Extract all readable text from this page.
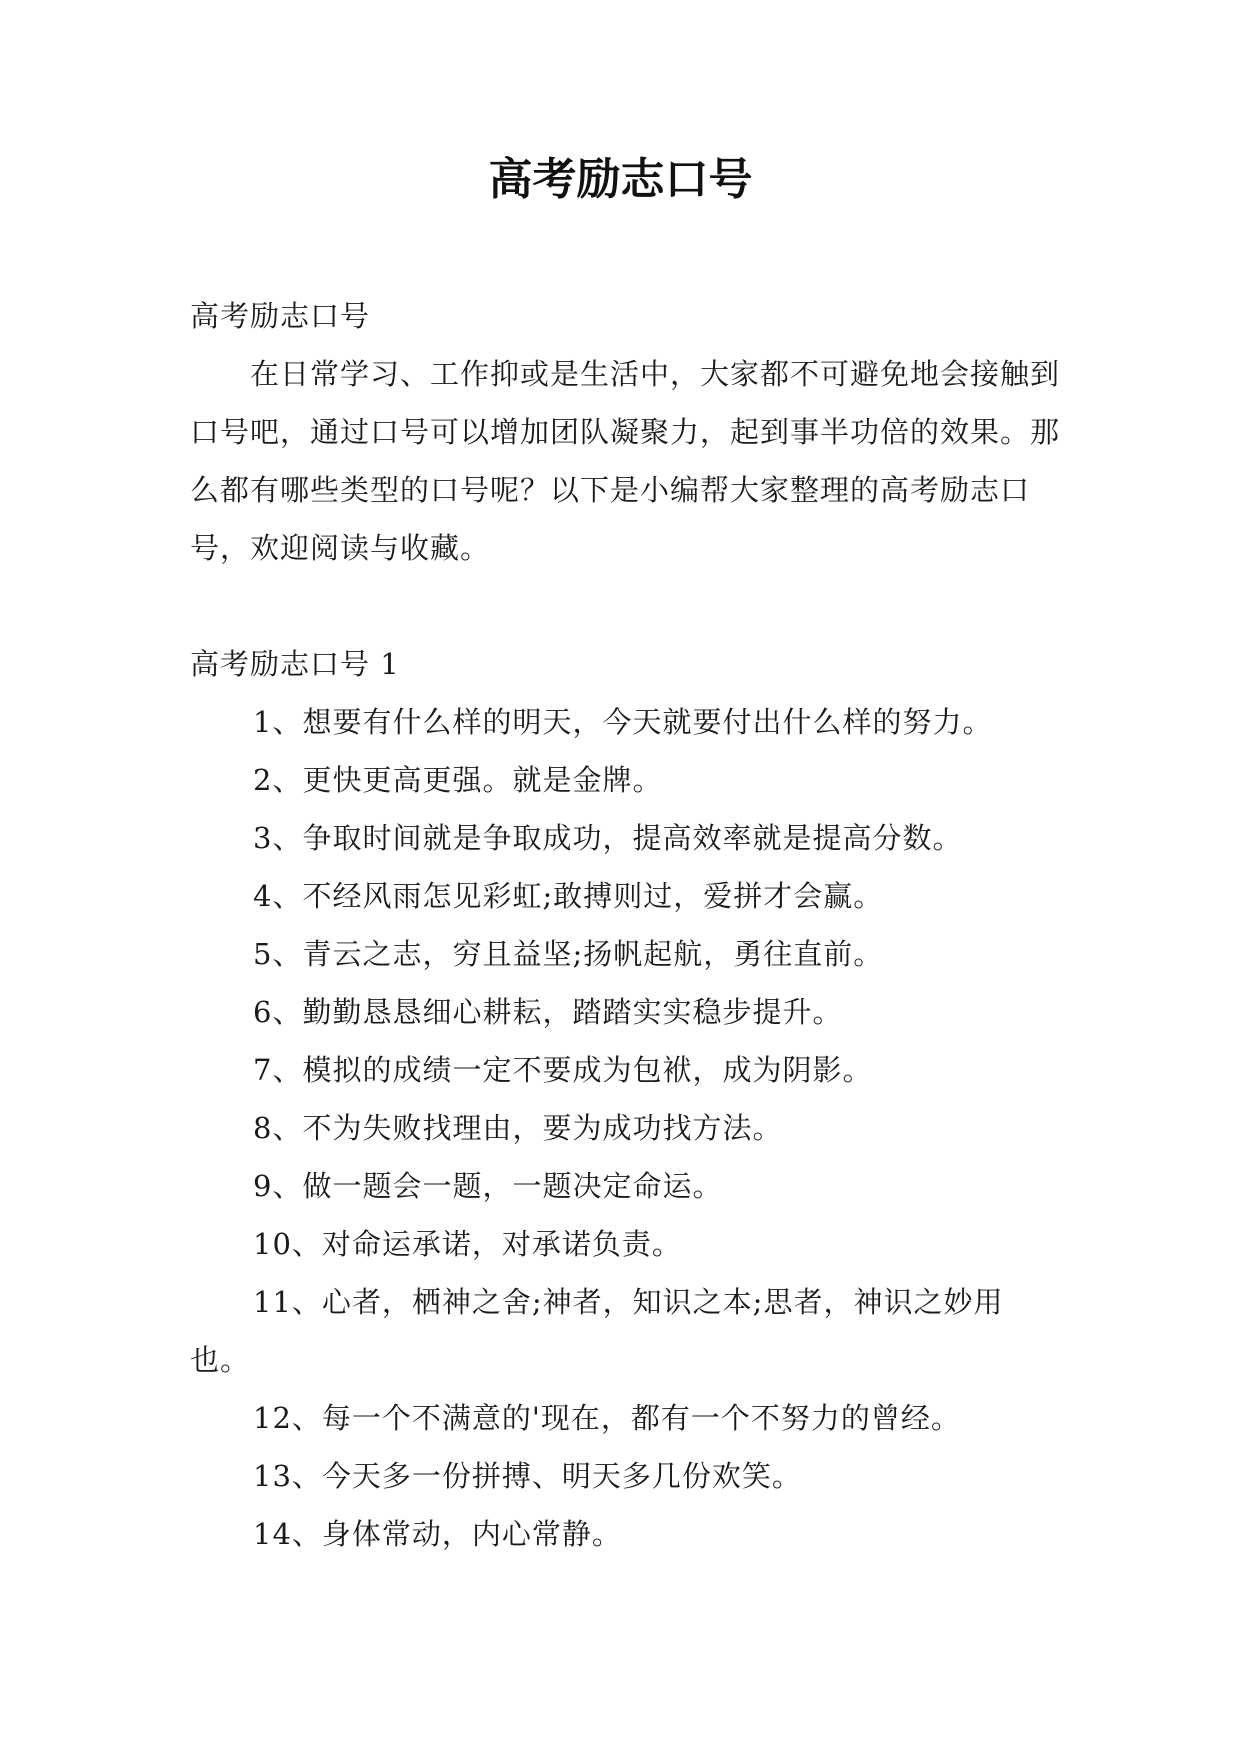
高考励志口号

高考励志口号

在日常学习、工作抑或是生活中，大家都不可避免地会接触到口号吧，通过口号可以增加团队凝聚力，起到事半功倍的效果。那么都有哪些类型的口号呢？以下是小编帮大家整理的高考励志口号，欢迎阅读与收藏。

高考励志口号 1

1、想要有什么样的明天，今天就要付出什么样的努力。
2、更快更高更强。就是金牌。
3、争取时间就是争取成功，提高效率就是提高分数。
4、不经风雨怎见彩虹;敢搏则过，爱拼才会赢。
5、青云之志，穷且益坚;扬帆起航，勇往直前。
6、勤勤恳恳细心耕耘，踏踏实实稳步提升。
7、模拟的成绩一定不要成为包袱，成为阴影。
8、不为失败找理由，要为成功找方法。
9、做一题会一题，一题决定命运。
10、对命运承诺，对承诺负责。
11、心者，栖神之舍;神者，知识之本;思者，神识之妙用也。
12、每一个不满意的'现在，都有一个不努力的曾经。
13、今天多一份拼搏、明天多几份欢笑。
14、身体常动，内心常静。
